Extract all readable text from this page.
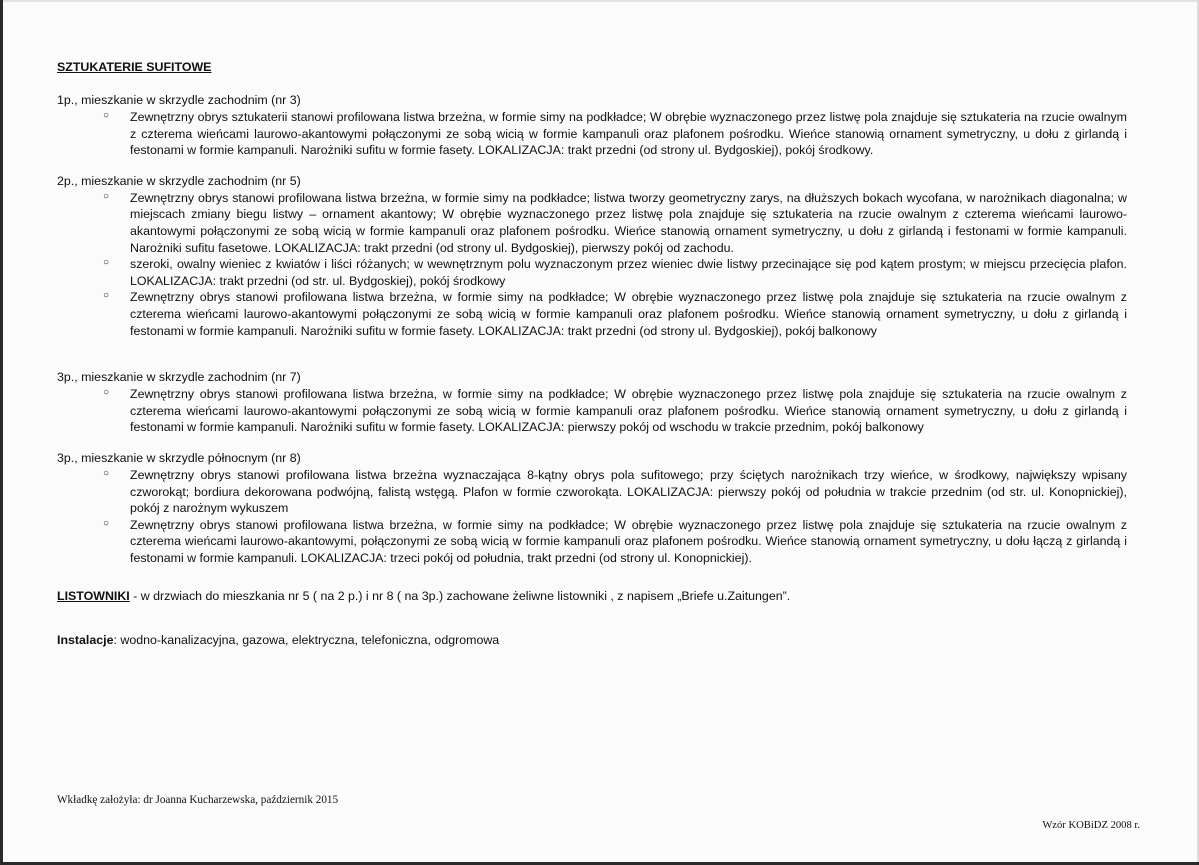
SZTUKATERIE SUFITOWE
1p., mieszkanie w skrzydle zachodnim (nr 3)
○ Zewnętrzny obrys sztukaterii stanowi profilowana listwa brzeżna, w formie simy na podkładce; W obrębie wyznaczonego przez listwę pola znajduje się sztukateria na rzucie owalnym z czterema wieńcami laurowo-akantowymi połączonymi ze sobą wicią w formie kampanuli oraz plafonem pośrodku. Wieńce stanowią ornament symetryczny, u dołu z girlandą i festonami w formie kampanuli. Narożniki sufitu w formie fasety. LOKALIZACJA: trakt przedni (od strony ul. Bydgoskiej), pokój środkowy.
2p., mieszkanie w skrzydle zachodnim (nr 5)
○ Zewnętrzny obrys stanowi profilowana listwa brzeżna, w formie simy na podkładce; listwa tworzy geometryczny zarys, na dłuższych bokach wycofana, w narożnikach diagonalna; w miejscach zmiany biegu listwy – ornament akantowy; W obrębie wyznaczonego przez listwę pola znajduje się sztukateria na rzucie owalnym z czterema wieńcami laurowo-akantowymi połączonymi ze sobą wicią w formie kampanuli oraz plafonem pośrodku. Wieńce stanowią ornament symetryczny, u dołu z girlandą i festonami w formie kampanuli. Narożniki sufitu fasetowe. LOKALIZACJA: trakt przedni (od strony ul. Bydgoskiej), pierwszy pokój od zachodu.
○ szeroki, owalny wieniec z kwiatów i liści różanych; w wewnętrznym polu wyznaczonym przez wieniec dwie listwy przecinające się pod kątem prostym; w miejscu przecięcia plafon. LOKALIZACJA: trakt przedni (od str. ul. Bydgoskiej), pokój środkowy
○ Zewnętrzny obrys stanowi profilowana listwa brzeżna, w formie simy na podkładce; W obrębie wyznaczonego przez listwę pola znajduje się sztukateria na rzucie owalnym z czterema wieńcami laurowo-akantowymi połączonymi ze sobą wicią w formie kampanuli oraz plafonem pośrodku. Wieńce stanowią ornament symetryczny, u dołu z girlandą i festonami w formie kampanuli. Narożniki sufitu w formie fasety. LOKALIZACJA: trakt przedni (od strony ul. Bydgoskiej), pokój balkonowy
3p., mieszkanie w skrzydle zachodnim (nr 7)
○ Zewnętrzny obrys stanowi profilowana listwa brzeżna, w formie simy na podkładce; W obrębie wyznaczonego przez listwę pola znajduje się sztukateria na rzucie owalnym z czterema wieńcami laurowo-akantowymi połączonymi ze sobą wicią w formie kampanuli oraz plafonem pośrodku. Wieńce stanowią ornament symetryczny, u dołu z girlandą i festonami w formie kampanuli. Narożniki sufitu w formie fasety. LOKALIZACJA: pierwszy pokój od wschodu w trakcie przednim, pokój balkonowy
3p., mieszkanie w skrzydle północnym (nr 8)
○ Zewnętrzny obrys stanowi profilowana listwa brzeżna wyznaczająca 8-kątny obrys pola sufitowego; przy ściętych narożnikach trzy wieńce, w środkowy, największy wpisany czworokąt; bordiura dekorowana podwójną, falistą wstęgą. Plafon w formie czworokąta. LOKALIZACJA: pierwszy pokój od południa w trakcie przednim (od str. ul. Konopnickiej), pokój z narożnym wykuszem
○ Zewnętrzny obrys stanowi profilowana listwa brzeżna, w formie simy na podkładce; W obrębie wyznaczonego przez listwę pola znajduje się sztukateria na rzucie owalnym z czterema wieńcami laurowo-akantowymi, połączonymi ze sobą wicią w formie kampanuli oraz plafonem pośrodku. Wieńce stanowią ornament symetryczny, u dołu łączą z girlandą i festonami w formie kampanuli. LOKALIZACJA: trzeci pokój od południa, trakt przedni (od strony ul. Konopnickiej).
LISTOWNIKI - w drzwiach do mieszkania nr 5 ( na 2 p.) i nr 8 ( na 3p.) zachowane żeliwne listowniki , z napisem „Briefe u.Zaitungen”.
Instalacje: wodno-kanalizacyjna, gazowa, elektryczna, telefoniczna, odgromowa
Wkładkę założyła: dr Joanna Kucharzewska, październik 2015
Wzór KOBiDZ 2008 r.
